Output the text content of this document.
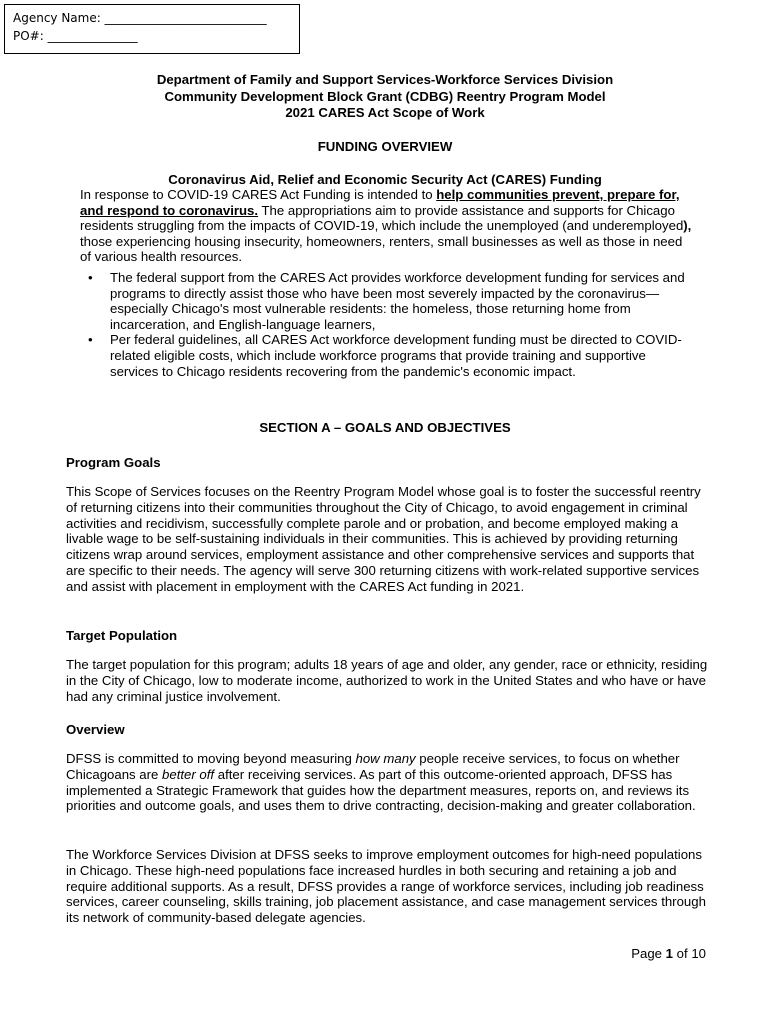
Agency Name: ___________________________
PO#: _______________
Department of Family and Support Services-Workforce Services Division
Community Development Block Grant (CDBG) Reentry Program Model
2021 CARES Act Scope of Work
FUNDING OVERVIEW
Coronavirus Aid, Relief and Economic Security Act (CARES) Funding
In response to COVID-19 CARES Act Funding is intended to help communities prevent, prepare for, and respond to coronavirus. The appropriations aim to provide assistance and supports for Chicago residents struggling from the impacts of COVID-19, which include the unemployed (and underemployed), those experiencing housing insecurity, homeowners, renters, small businesses as well as those in need of various health resources.
• The federal support from the CARES Act provides workforce development funding for services and programs to directly assist those who have been most severely impacted by the coronavirus—especially Chicago's most vulnerable residents: the homeless, those returning home from incarceration, and English-language learners,
• Per federal guidelines, all CARES Act workforce development funding must be directed to COVID-related eligible costs, which include workforce programs that provide training and supportive services to Chicago residents recovering from the pandemic's economic impact.
SECTION A – GOALS AND OBJECTIVES
Program Goals
This Scope of Services focuses on the Reentry Program Model whose goal is to foster the successful reentry of returning citizens into their communities throughout the City of Chicago, to avoid engagement in criminal activities and recidivism, successfully complete parole and or probation, and become employed making a livable wage to be self-sustaining individuals in their communities. This is achieved by providing returning citizens wrap around services, employment assistance and other comprehensive services and supports that are specific to their needs. The agency will serve 300 returning citizens with work-related supportive services and assist with placement in employment with the CARES Act funding in 2021.
Target Population
The target population for this program; adults 18 years of age and older, any gender, race or ethnicity, residing in the City of Chicago, low to moderate income, authorized to work in the United States and who have or have had any criminal justice involvement.
Overview
DFSS is committed to moving beyond measuring how many people receive services, to focus on whether Chicagoans are better off after receiving services. As part of this outcome-oriented approach, DFSS has implemented a Strategic Framework that guides how the department measures, reports on, and reviews its priorities and outcome goals, and uses them to drive contracting, decision-making and greater collaboration.
The Workforce Services Division at DFSS seeks to improve employment outcomes for high-need populations in Chicago. These high-need populations face increased hurdles in both securing and retaining a job and require additional supports. As a result, DFSS provides a range of workforce services, including job readiness services, career counseling, skills training, job placement assistance, and case management services through its network of community-based delegate agencies.
Page 1 of 10
